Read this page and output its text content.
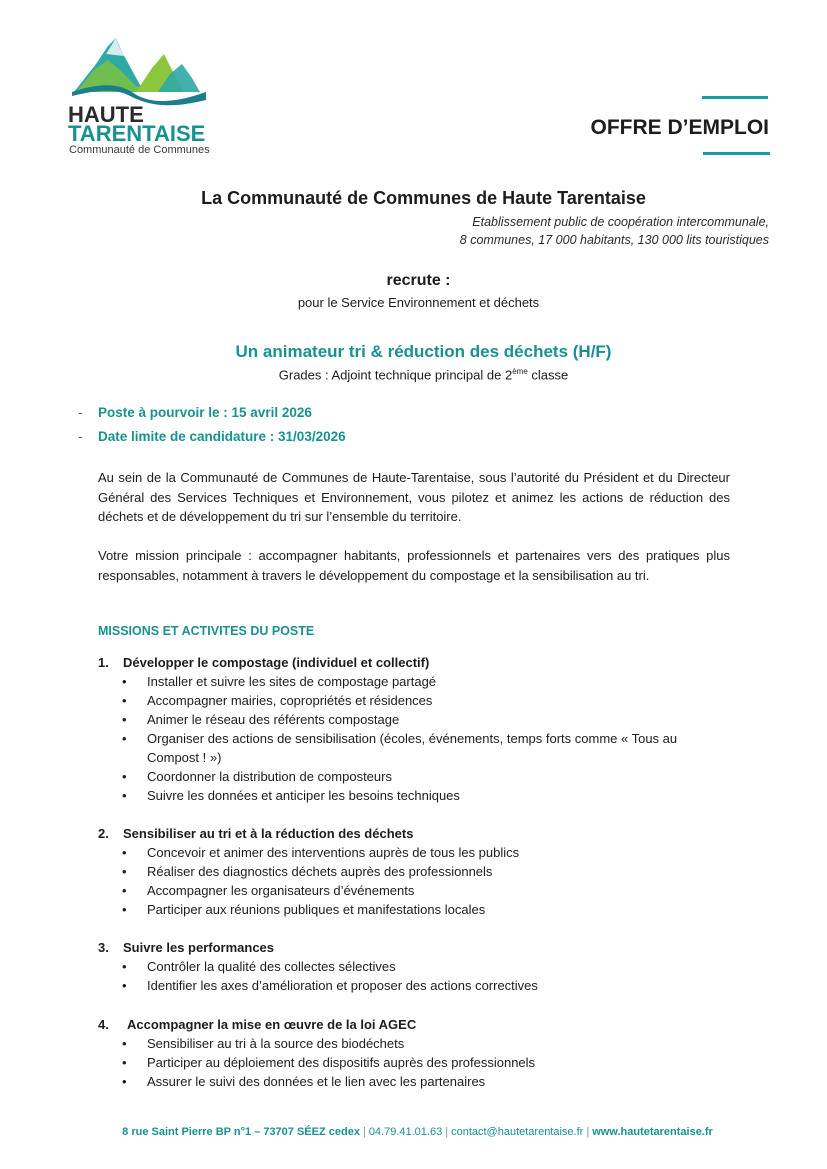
HAUTE
TARENTAISE
Communauté de Communes
OFFRE D’EMPLOI
La Communauté de Communes de Haute Tarentaise
Etablissement public de coopération intercommunale,
8 communes, 17 000 habitants, 130 000 lits touristiques
recrute :
pour le Service Environnement et déchets
Un animateur tri & réduction des déchets (H/F)
Grades : Adjoint technique principal de 2ème classe
- Poste à pourvoir le : 15 avril 2026
- Date limite de candidature : 31/03/2026
Au sein de la Communauté de Communes de Haute-Tarentaise, sous l’autorité du Président et du Directeur Général des Services Techniques et Environnement, vous pilotez et animez les actions de réduction des déchets et de développement du tri sur l’ensemble du territoire.
Votre mission principale : accompagner habitants, professionnels et partenaires vers des pratiques plus responsables, notamment à travers le développement du compostage et la sensibilisation au tri.
MISSIONS ET ACTIVITES DU POSTE
1.	Développer le compostage (individuel et collectif)
• Installer et suivre les sites de compostage partagé
• Accompagner mairies, copropriétés et résidences
• Animer le réseau des référents compostage
• Organiser des actions de sensibilisation (écoles, événements, temps forts comme « Tous au Compost ! »)
• Coordonner la distribution de composteurs
• Suivre les données et anticiper les besoins techniques
2.	Sensibiliser au tri et à la réduction des déchets
• Concevoir et animer des interventions auprès de tous les publics
• Réaliser des diagnostics déchets auprès des professionnels
• Accompagner les organisateurs d’événements
• Participer aux réunions publiques et manifestations locales
3.	Suivre les performances
• Contrôler la qualité des collectes sélectives
• Identifier les axes d’amélioration et proposer des actions correctives
4.	Accompagner la mise en œuvre de la loi AGEC
• Sensibiliser au tri à la source des biodéchets
• Participer au déploiement des dispositifs auprès des professionnels
• Assurer le suivi des données et le lien avec les partenaires
8 rue Saint Pierre BP n°1 – 73707 SÉEZ cedex | 04.79.41.01.63 | contact@hautetarentaise.fr | www.hautetarentaise.fr
